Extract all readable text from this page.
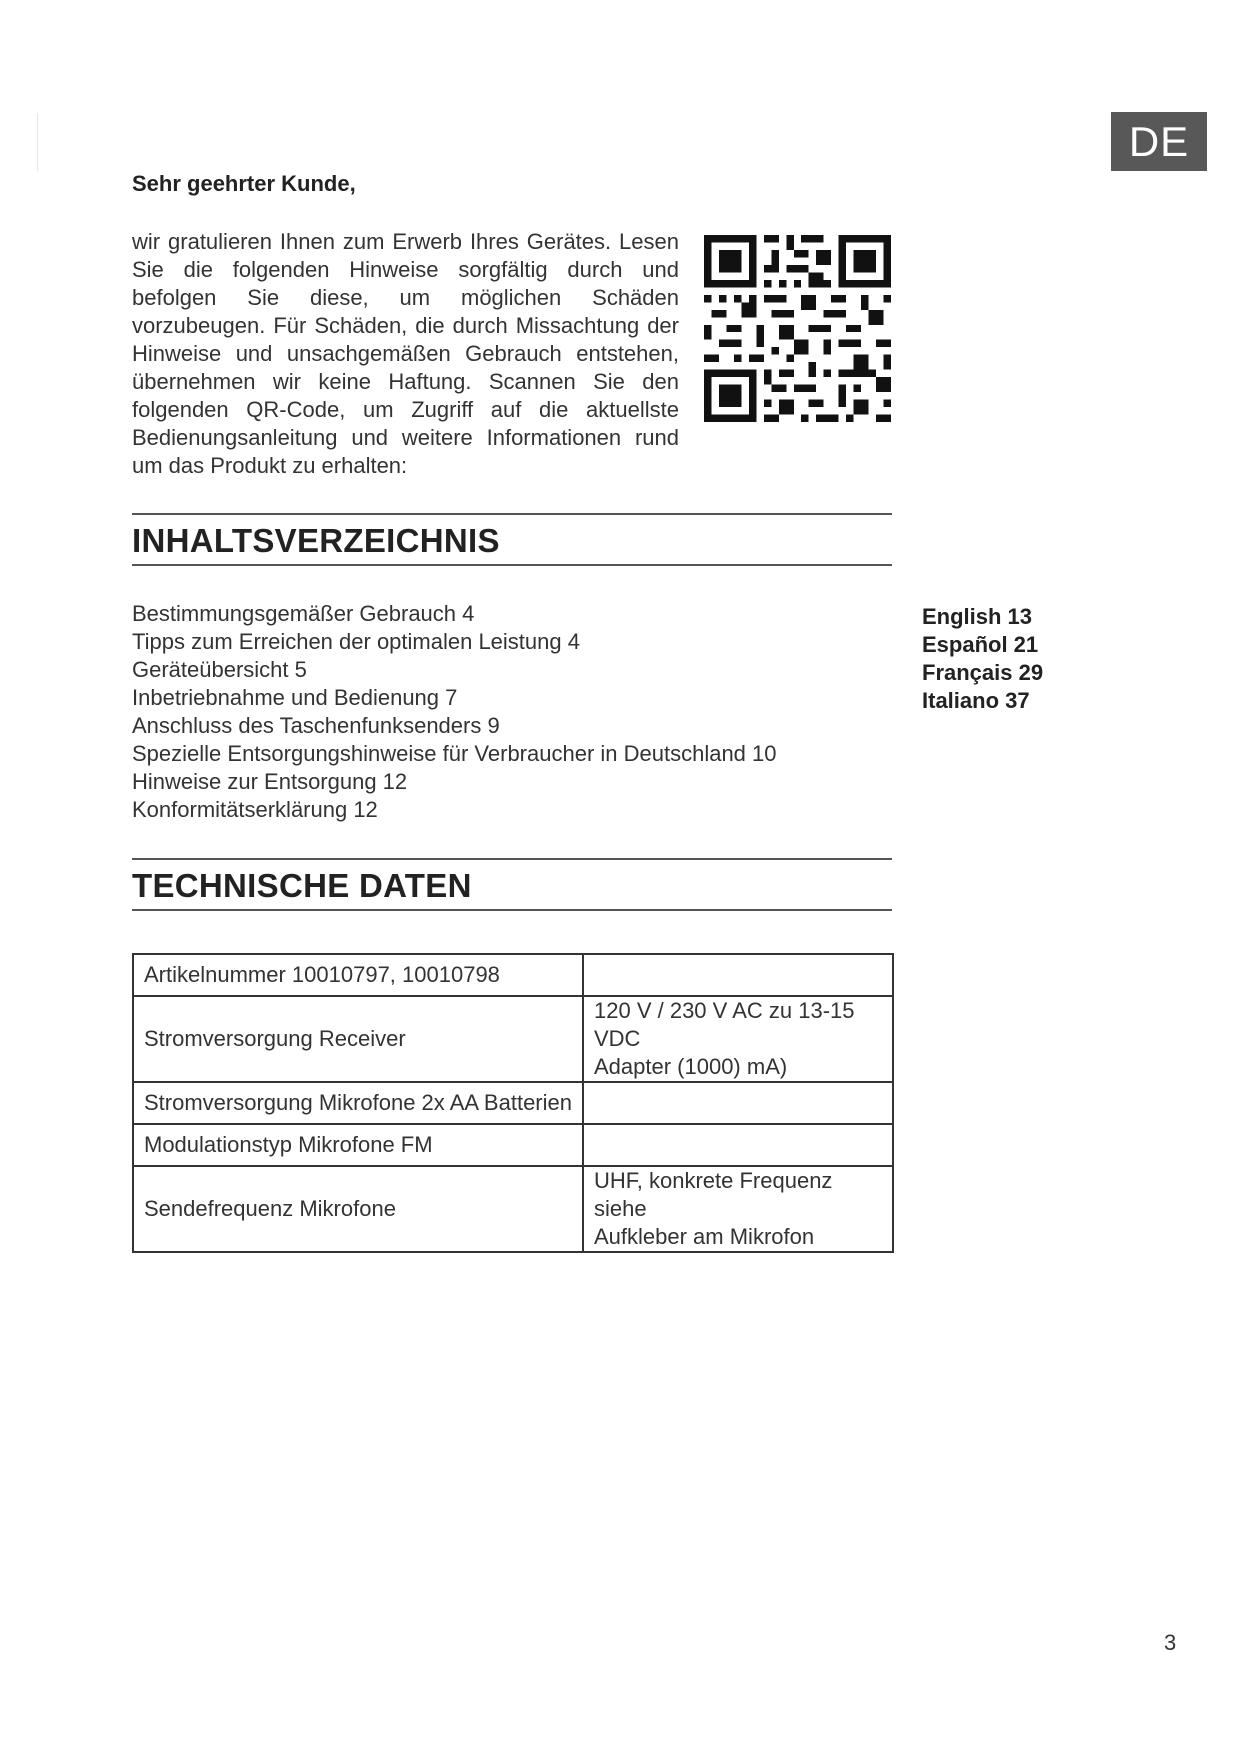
DE
Sehr geehrter Kunde,

wir gratulieren Ihnen zum Erwerb Ihres Gerätes. Lesen Sie die folgenden Hinweise sorgfältig durch und befolgen Sie diese, um möglichen Schäden vorzubeugen. Für Schäden, die durch Missachtung der Hinweise und unsachgemäßen Gebrauch entstehen, übernehmen wir keine Haftung. Scannen Sie den folgenden QR-Code, um Zugriff auf die aktuellste Bedienungsanleitung und weitere Informationen rund um das Produkt zu erhalten:

INHALTSVERZEICHNIS
Bestimmungsgemäßer Gebrauch 4
Tipps zum Erreichen der optimalen Leistung 4
Geräteübersicht 5
Inbetriebnahme und Bedienung 7
Anschluss des Taschenfunksenders 9
Spezielle Entsorgungshinweise für Verbraucher in Deutschland 10
Hinweise zur Entsorgung 12
Konformitätserklärung 12
English 13
Español 21
Français 29
Italiano 37
TECHNISCHE DATEN
Artikelnummer 10010797, 10010798	
Stromversorgung Receiver	120 V / 230 V AC zu 13-15 VDC
Adapter (1000) mA)

Stromversorgung Mikrofone 2x AA Batterien	
Modulationstyp Mikrofone FM	
Sendefrequenz Mikrofone	UHF, konkrete Frequenz siehe
Aufkleber am Mikrofon
3
